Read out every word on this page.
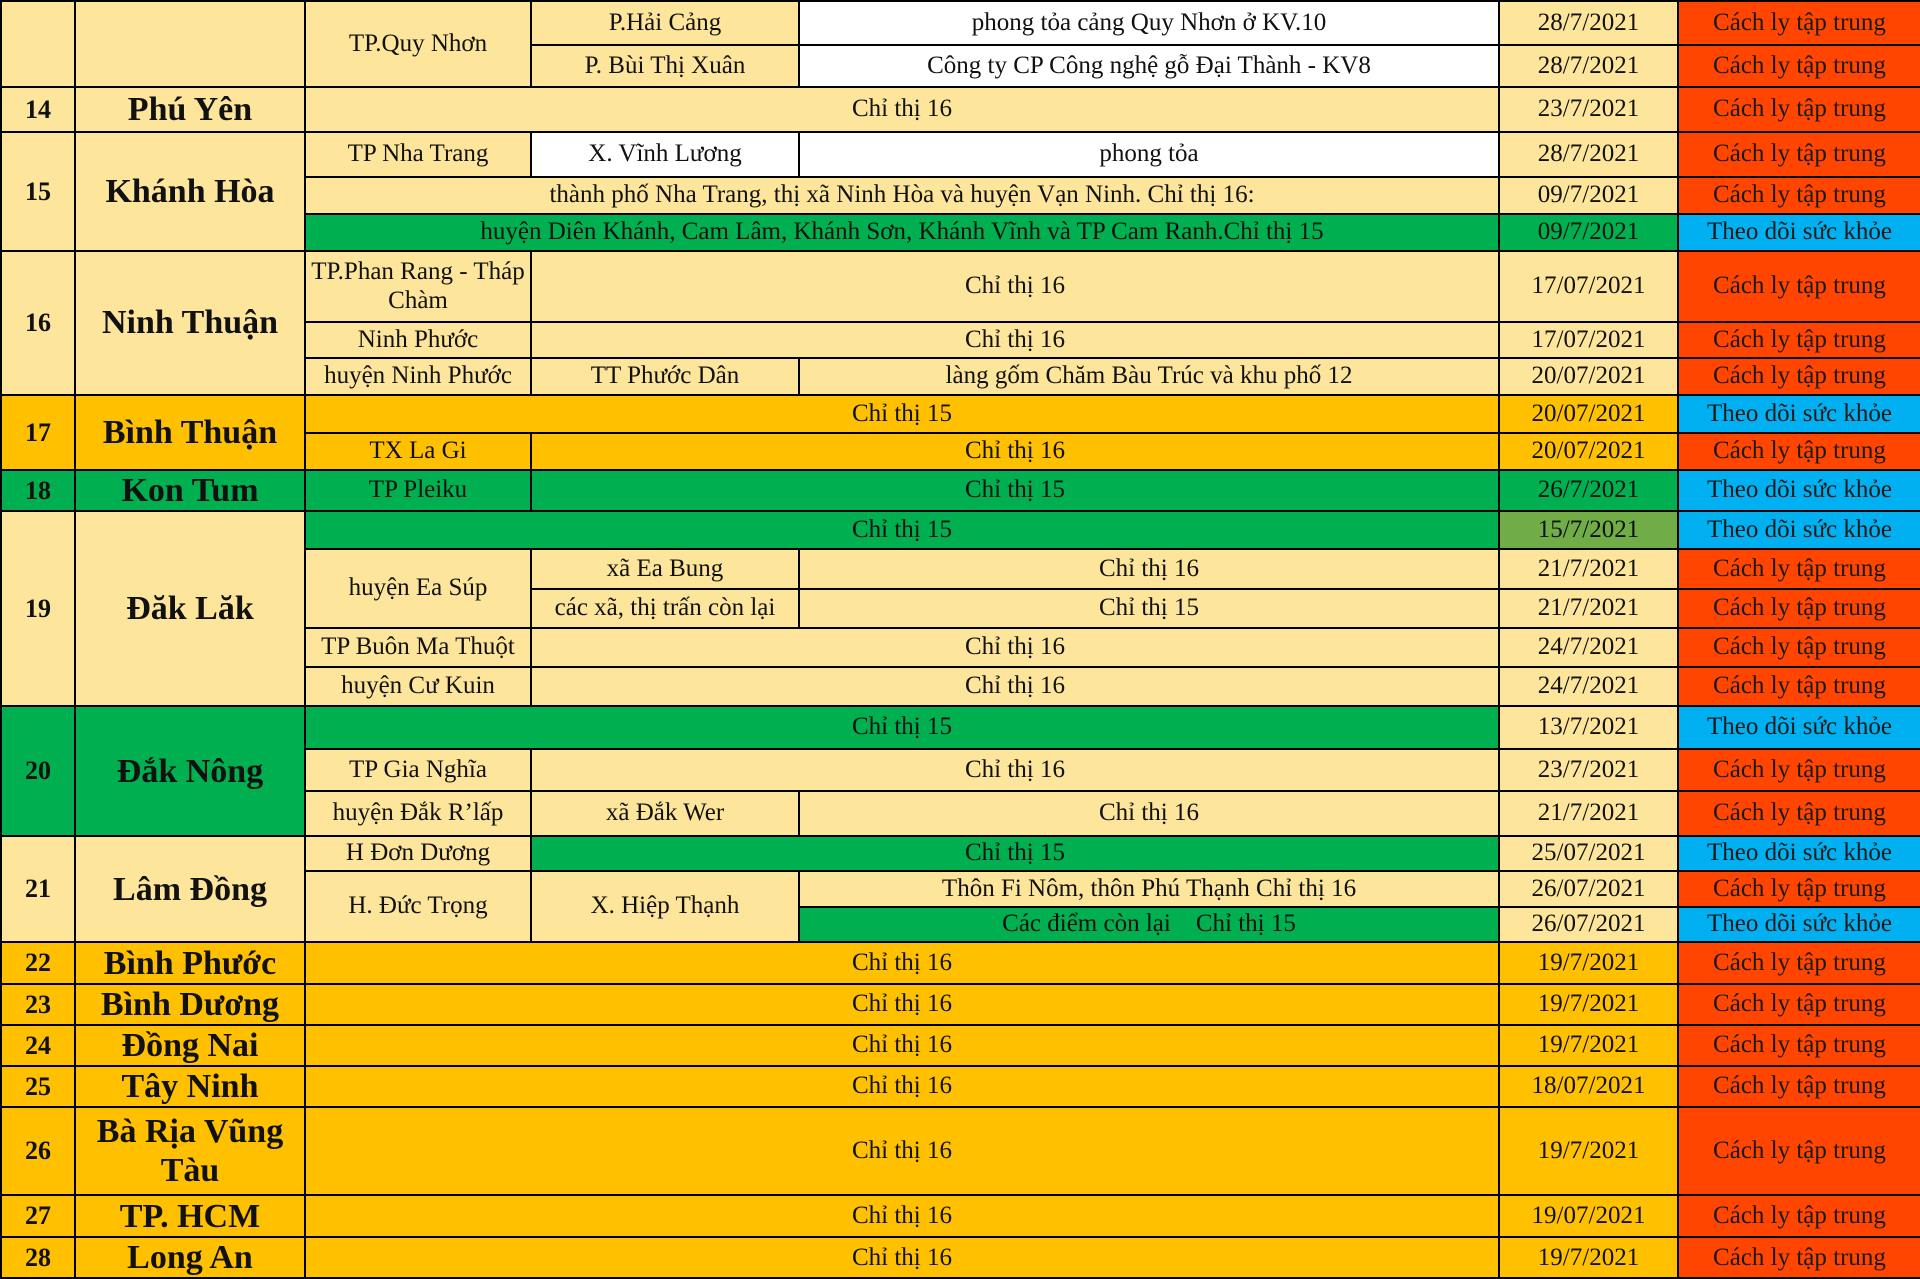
		TP.Quy Nhơn	P.Hải Cảng	phong tỏa cảng Quy Nhơn ở KV.10	28/7/2021	Cách ly tập trung
			P. Bùi Thị Xuân	Công ty CP Công nghệ gỗ Đại Thành - KV8	28/7/2021	Cách ly tập trung
14	Phú Yên	Chỉ thị 16			23/7/2021	Cách ly tập trung
15	Khánh Hòa	TP Nha Trang	X. Vĩnh Lương	phong tỏa	28/7/2021	Cách ly tập trung
		thành phố Nha Trang, thị xã Ninh Hòa và huyện Vạn Ninh. Chỉ thị 16:			09/7/2021	Cách ly tập trung
		huyện Diên Khánh, Cam Lâm, Khánh Sơn, Khánh Vĩnh và TP Cam Ranh.Chỉ thị 15			09/7/2021	Theo dõi sức khỏe
16	Ninh Thuận	TP.Phan Rang - Tháp Chàm	Chỉ thị 16		17/07/2021	Cách ly tập trung
		Ninh Phước	Chỉ thị 16		17/07/2021	Cách ly tập trung
		huyện Ninh Phước	TT Phước Dân	làng gốm Chăm Bàu Trúc và khu phố 12	20/07/2021	Cách ly tập trung
17	Bình Thuận	Chỉ thị 15			20/07/2021	Theo dõi sức khỏe
		TX La Gi	Chỉ thị 16		20/07/2021	Cách ly tập trung
18	Kon Tum	TP Pleiku	Chỉ thị 15		26/7/2021	Theo dõi sức khỏe
19	Đăk Lăk	Chỉ thị 15			15/7/2021	Theo dõi sức khỏe
		huyện Ea Súp	xã Ea Bung	Chỉ thị 16	21/7/2021	Cách ly tập trung
			các xã, thị trấn còn lại	Chỉ thị 15	21/7/2021	Cách ly tập trung
		TP Buôn Ma Thuột	Chỉ thị 16		24/7/2021	Cách ly tập trung
		huyện Cư Kuin	Chỉ thị 16		24/7/2021	Cách ly tập trung
20	Đắk Nông	Chỉ thị 15			13/7/2021	Theo dõi sức khỏe
		TP Gia Nghĩa	Chỉ thị 16		23/7/2021	Cách ly tập trung
		huyện Đắk R’lấp	xã Đắk Wer	Chỉ thị 16	21/7/2021	Cách ly tập trung
21	Lâm Đồng	H Đơn Dương	Chỉ thị 15		25/07/2021	Theo dõi sức khỏe
		H. Đức Trọng	X. Hiệp Thạnh	Thôn Fi Nôm, thôn Phú Thạnh Chỉ thị 16	26/07/2021	Cách ly tập trung
				Các điểm còn lại    Chỉ thị 15	26/07/2021	Theo dõi sức khỏe
22	Bình Phước	Chỉ thị 16			19/7/2021	Cách ly tập trung
23	Bình Dương	Chỉ thị 16			19/7/2021	Cách ly tập trung
24	Đồng Nai	Chỉ thị 16			19/7/2021	Cách ly tập trung
25	Tây Ninh	Chỉ thị 16			18/07/2021	Cách ly tập trung
26	Bà Rịa Vũng Tàu	Chỉ thị 16			19/7/2021	Cách ly tập trung
27	TP. HCM	Chỉ thị 16			19/07/2021	Cách ly tập trung
28	Long An	Chỉ thị 16			19/7/2021	Cách ly tập trung
